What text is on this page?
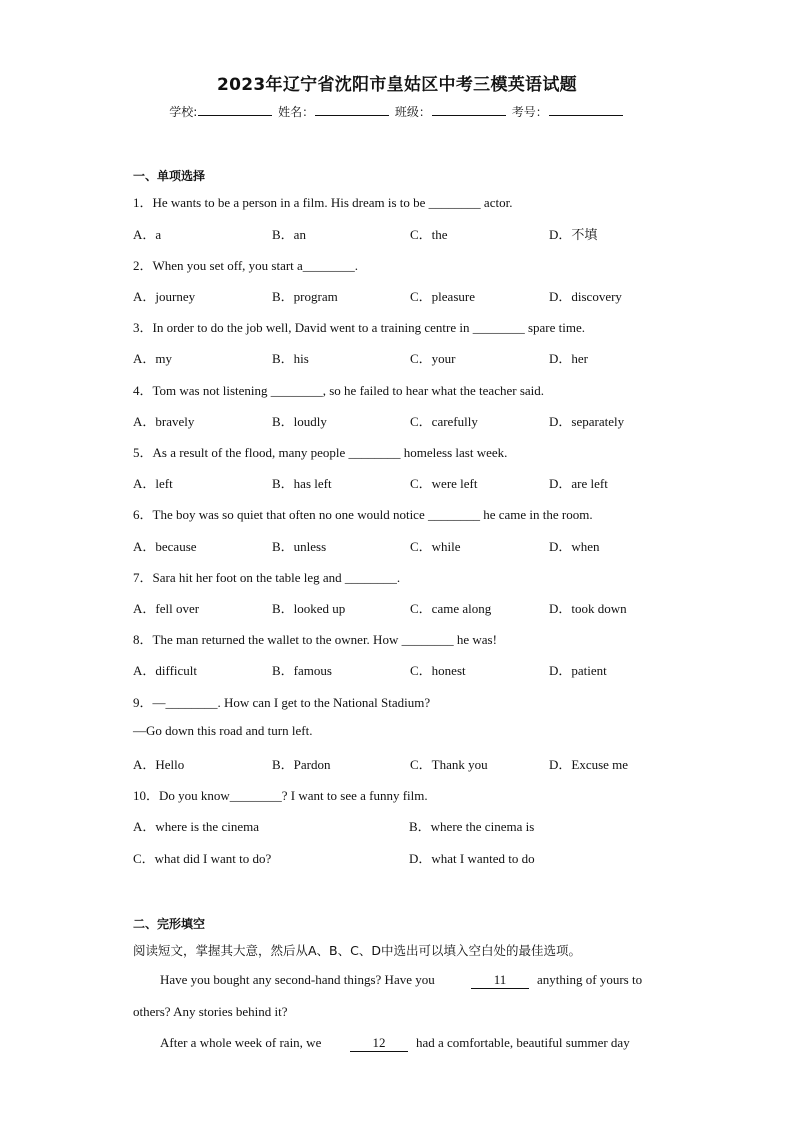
2023年辽宁省沈阳市皇姑区中考三模英语试题
学校:	姓名：	班级：	考号：
一、单项选择
1．He wants to be a person in a film. His dream is to be ________ actor.
A．a	B．an	C．the	D．不填
2．When you set off, you start a________.
A．journey	B．program	C．pleasure	D．discovery
3．In order to do the job well, David went to a training centre in ________ spare time.
A．my	B．his	C．your	D．her
4．Tom was not listening ________, so he failed to hear what the teacher said.
A．bravely	B．loudly	C．carefully	D．separately
5．As a result of the flood, many people ________ homeless last week.
A．left	B．has left	C．were left	D．are left
6．The boy was so quiet that often no one would notice ________ he came in the room.
A．because	B．unless	C．while	D．when
7．Sara hit her foot on the table leg and ________.
A．fell over	B．looked up	C．came along	D．took down
8．The man returned the wallet to the owner. How ________ he was!
A．difficult	B．famous	C．honest	D．patient
9．—________. How can I get to the National Stadium?
—Go down this road and turn left.
A．Hello	B．Pardon	C．Thank you	D．Excuse me
10．Do you know________? I want to see a funny film.
A．where is the cinema	B．where the cinema is
C．what did I want to do?	D．what I wanted to do
二、完形填空
阅读短文，掌握其大意，然后从A、B、C、D中选出可以填入空白处的最佳选项。
Have you bought any second-hand things? Have you	11	anything of yours to
others? Any stories behind it?
After a whole week of rain, we	12	had a comfortable, beautiful summer day
